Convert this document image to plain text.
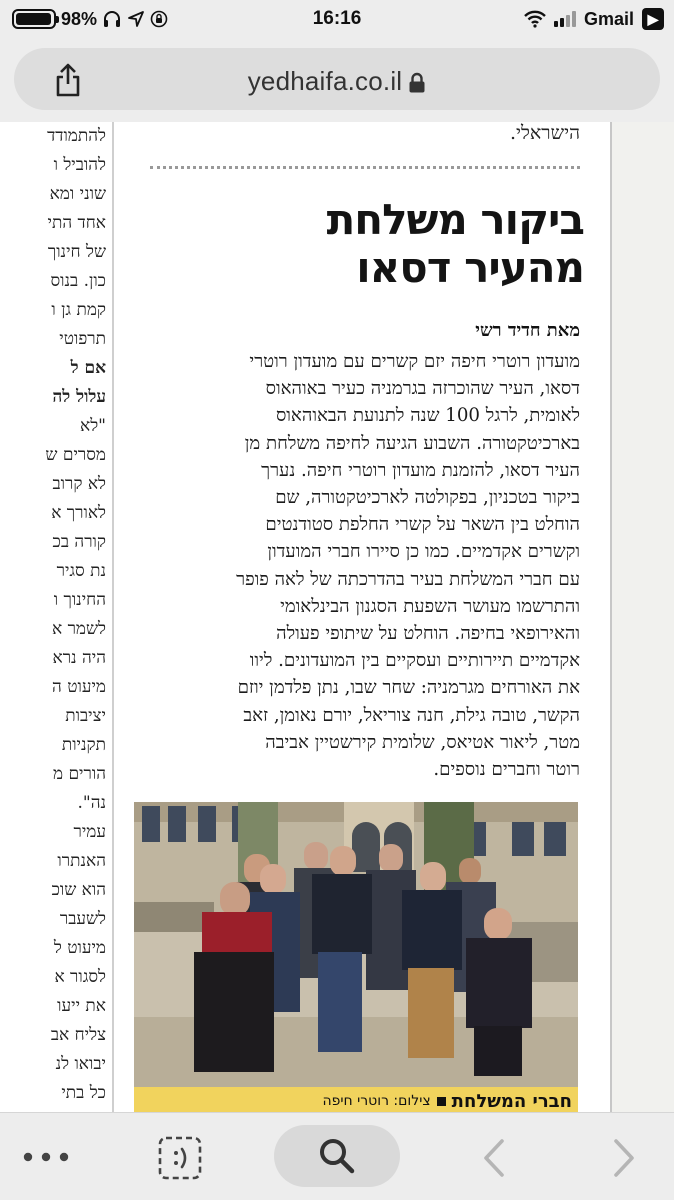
98%	16:16	Gmail ▶
yedhaifa.co.il
להתמודד
להוביל ו
שוני ומא
אחד התי
של חינוך
כון. בנוס
קמת גן ו
תרפוטי
אם ל
עלול לה
"לא
מסרים ש
לא קרוב
לאורך א
קורה בכ
נת סגיר
החינוך ו
לשמר א
היה נרא
מיעוט ה
יציבות
תקניות
הורים מ
נה".
עמיר
האנתרו
הוא שוכ
לשעבר
מיעוט ל
לסגור א
את ייעו
צליח אב
יבואו לנ
כל בתי
הישראלי.
ביקור משלחת
מהעיר דסאו
מאת חדיד רשי
מועדון רוטרי חיפה יזם קשרים עם מועדון רוטרי
דסאו, העיר שהוכרזה בגרמניה כעיר באוהאוס
לאומית, לרגל 100 שנה לתנועת הבאוהאוס
בארכיטקטורה. השבוע הגיעה לחיפה משלחת מן
העיר דסאו, להזמנת מועדון רוטרי חיפה. נערך
ביקור בטכניון, בפקולטה לארכיטקטורה, שם
הוחלט בין השאר על קשרי החלפת סטודנטים
וקשרים אקדמיים. כמו כן סיירו חברי המועדון
עם חברי המשלחת בעיר בהדרכתה של לאה פופר
והתרשמו מעושר השפעת הסגנון הבינלאומי
והאירופאי בחיפה. הוחלט על שיתופי פעולה
אקדמיים תיירותיים ועסקיים בין המועדונים. ליוו
את האורחים מגרמניה: שחר שבו, נתן פלדמן יוזם
הקשר, טובה גילת, חנה צוריאל, יורם נאומן, זאב
מטר, ליאור אטיאס, שלומית קירשטיין אביבה
רוטר וחברים נוספים.
חברי המשלחת
צילום: רוטרי חיפה
